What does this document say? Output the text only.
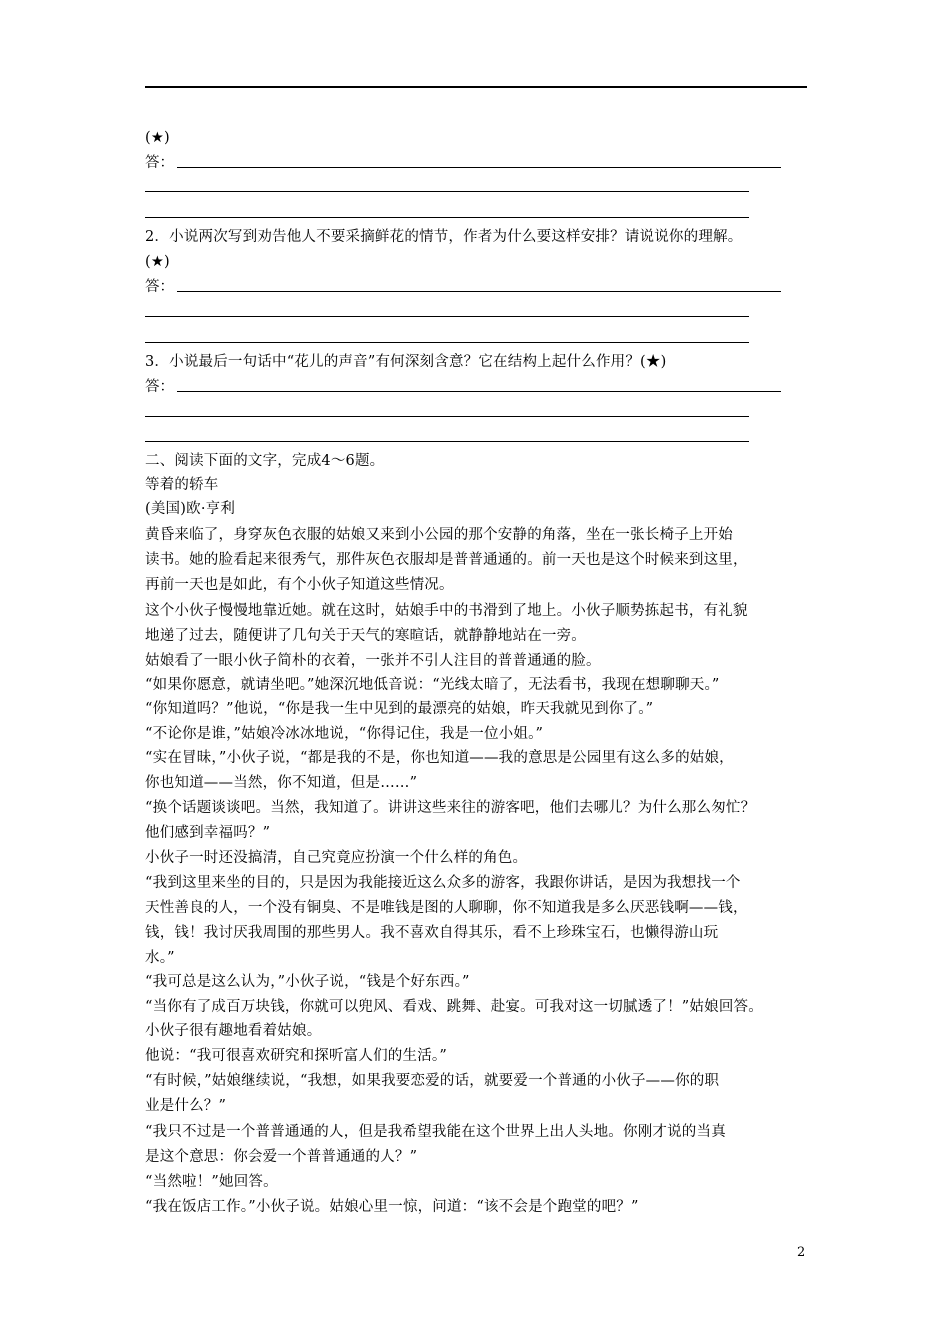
(★)
答：
2．小说两次写到劝告他人不要采摘鲜花的情节，作者为什么要这样安排？请说说你的理解。
(★)
答：
3．小说最后一句话中“花儿的声音”有何深刻含意？它在结构上起什么作用？(★)
答：
二、阅读下面的文字，完成4～6题。
等着的轿车
(美国)欧·亨利
黄昏来临了，身穿灰色衣服的姑娘又来到小公园的那个安静的角落，坐在一张长椅子上开始
读书。她的脸看起来很秀气，那件灰色衣服却是普普通通的。前一天也是这个时候来到这里，
再前一天也是如此，有个小伙子知道这些情况。
这个小伙子慢慢地靠近她。就在这时，姑娘手中的书滑到了地上。小伙子顺势拣起书，有礼貌
地递了过去，随便讲了几句关于天气的寒暄话，就静静地站在一旁。
姑娘看了一眼小伙子简朴的衣着，一张并不引人注目的普普通通的脸。
“如果你愿意，就请坐吧。”她深沉地低音说：“光线太暗了，无法看书，我现在想聊聊天。”
“你知道吗？”他说，“你是我一生中见到的最漂亮的姑娘，昨天我就见到你了。”
“不论你是谁，”姑娘冷冰冰地说，“你得记住，我是一位小姐。”
“实在冒昧，”小伙子说，“都是我的不是，你也知道——我的意思是公园里有这么多的姑娘，
你也知道——当然，你不知道，但是……”
“换个话题谈谈吧。当然，我知道了。讲讲这些来往的游客吧，他们去哪儿？为什么那么匆忙？
他们感到幸福吗？”
小伙子一时还没搞清，自己究竟应扮演一个什么样的角色。
“我到这里来坐的目的，只是因为我能接近这么众多的游客，我跟你讲话，是因为我想找一个
天性善良的人，一个没有铜臭、不是唯钱是图的人聊聊，你不知道我是多么厌恶钱啊——钱，
钱，钱！我讨厌我周围的那些男人。我不喜欢自得其乐，看不上珍珠宝石，也懒得游山玩
水。”
“我可总是这么认为，”小伙子说，“钱是个好东西。”
“当你有了成百万块钱，你就可以兜风、看戏、跳舞、赴宴。可我对这一切腻透了！”姑娘回答。
小伙子很有趣地看着姑娘。
他说：“我可很喜欢研究和探听富人们的生活。”
“有时候，”姑娘继续说，“我想，如果我要恋爱的话，就要爱一个普通的小伙子——你的职
业是什么？”
“我只不过是一个普普通通的人，但是我希望我能在这个世界上出人头地。你刚才说的当真
是这个意思：你会爱一个普普通通的人？”
“当然啦！”她回答。
“我在饭店工作。”小伙子说。姑娘心里一惊，问道：“该不会是个跑堂的吧？”
2
